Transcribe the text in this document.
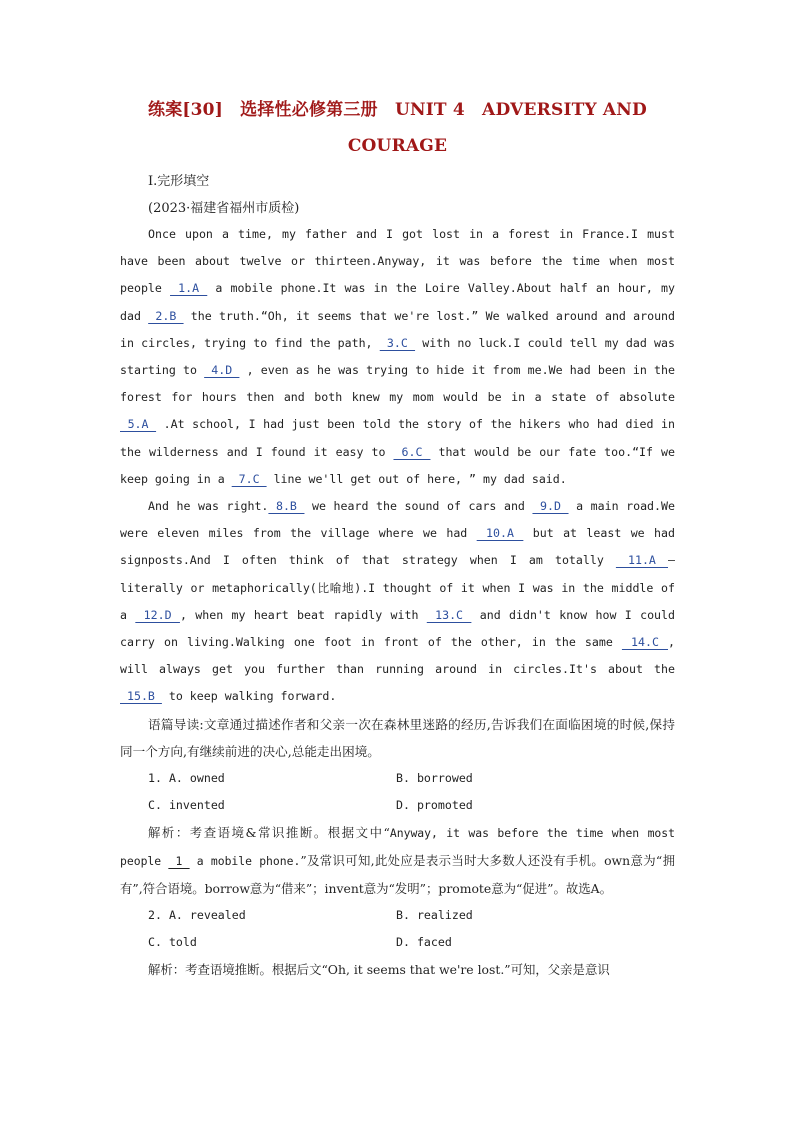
练案[30]　选择性必修第三册　UNIT 4　ADVERSITY AND
COURAGE
Ⅰ.完形填空
(2023·福建省福州市质检)

Once upon a time, my father and I got lost in a forest in France.I must have been about twelve or thirteen.Anyway, it was before the time when most people  1.A  a mobile phone.It was in the Loire Valley.About half an hour, my dad  2.B  the truth.“Oh, it seems that we're lost.” We walked around and around in circles, trying to find the path,  3.C  with no luck.I could tell my dad was starting to  4.D  , even as he was trying to hide it from me.We had been in the forest for hours then and both knew my mom would be in a state of absolute  5.A  .At school, I had just been told the story of the hikers who had died in the wilderness and I found it easy to  6.C  that would be our fate too.“If we keep going in a  7.C  line we'll get out of here, ” my dad said.

And he was right. 8.B  we heard the sound of cars and  9.D  a main road.We were eleven miles from the village where we had  10.A  but at least we had signposts.And I often think of that strategy when I am totally  11.A — literally or metaphorically(比喻地).I thought of it when I was in the middle of a  12.D , when my heart beat rapidly with  13.C  and didn't know how I could carry on living.Walking one foot in front of the other, in the same  14.C , will always get you further than running around in circles.It's about the  15.B  to keep walking forward.

语篇导读:文章通过描述作者和父亲一次在森林里迷路的经历,告诉我们在面临困境的时候,保持同一个方向,有继续前进的决心,总能走出困境。

1. A. owned	B. borrowed
C. invented	D. promoted

解析：考查语境&常识推断。根据文中“Anyway, it was before the time when most people  1  a mobile phone.”及常识可知,此处应是表示当时大多数人还没有手机。own意为“拥有”,符合语境。borrow意为“借来”；invent意为“发明”；promote意为“促进”。故选A。

2. A. revealed	B. realized
C. told	D. faced

解析：考查语境推断。根据后文“Oh, it seems that we're lost.”可知，父亲是意识
